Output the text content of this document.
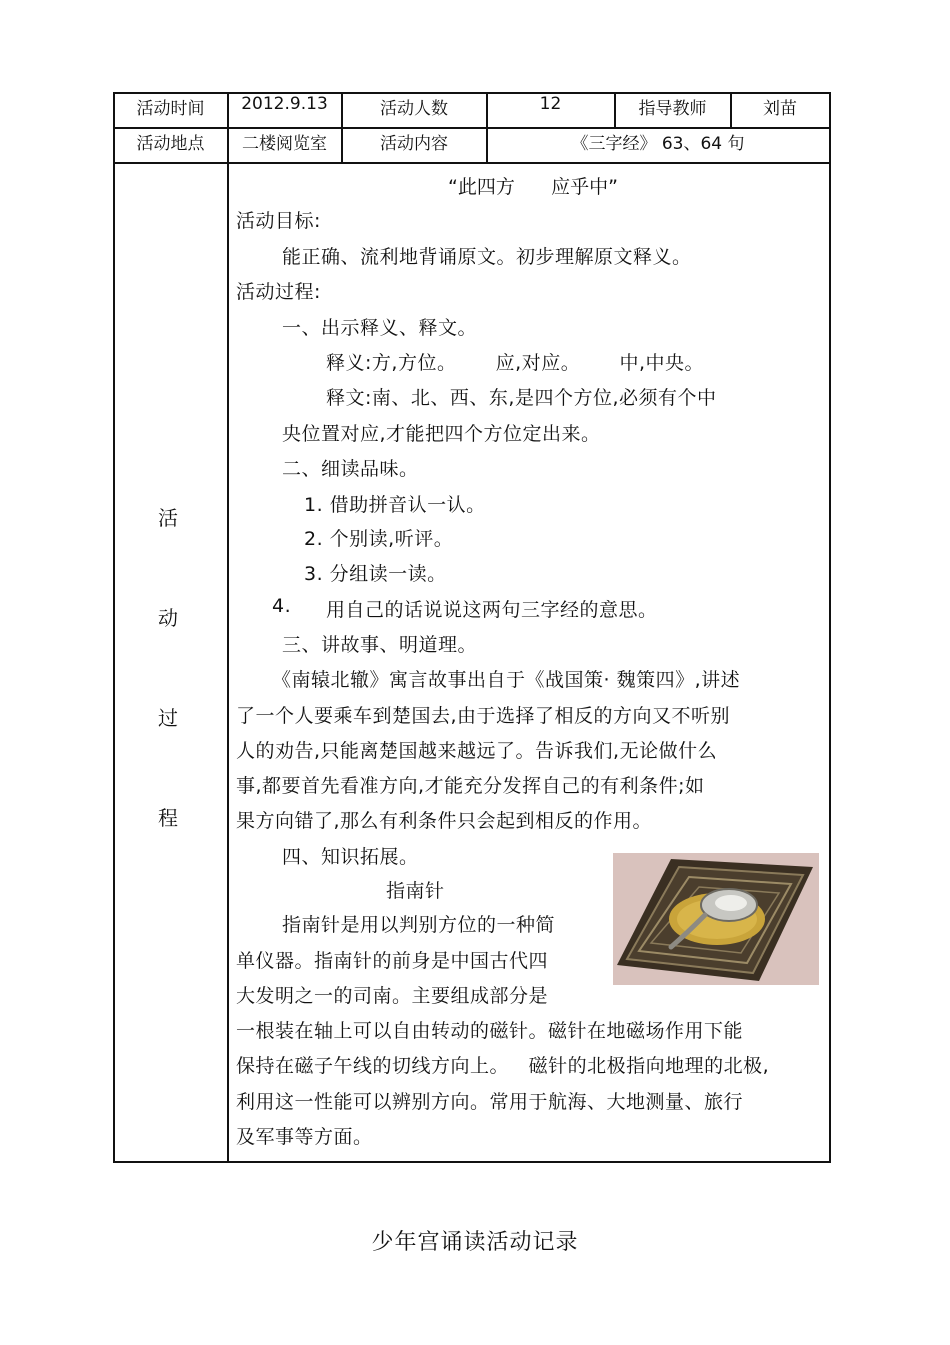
活动时间	2012.9.13	活动人数	12	指导教师	刘苗
活动地点	二楼阅览室	活动内容	《三字经》 63、64 句
活
动
过
程
“此四方      应乎中”
活动目标:
能正确、流利地背诵原文。初步理解原文释义。
活动过程:
一、出示释义、释文。
释义:方,方位。      应,对应。      中,中央。
释文:南、北、西、东,是四个方位,必须有个中
央位置对应,才能把四个方位定出来。
二、细读品味。
1. 借助拼音认一认。
2. 个别读,听评。
3. 分组读一读。
4. 用自己的话说说这两句三字经的意思。
三、讲故事、明道理。
《南辕北辙》寓言故事出自于《战国策· 魏策四》,讲述
了一个人要乘车到楚国去,由于选择了相反的方向又不听别
人的劝告,只能离楚国越来越远了。告诉我们,无论做什么
事,都要首先看准方向,才能充分发挥自己的有利条件;如
果方向错了,那么有利条件只会起到相反的作用。
四、知识拓展。
指南针
指南针是用以判别方位的一种简
单仪器。指南针的前身是中国古代四
大发明之一的司南。主要组成部分是
一根装在轴上可以自由转动的磁针。磁针在地磁场作用下能
保持在磁子午线的切线方向上。   磁针的北极指向地理的北极,
利用这一性能可以辨别方向。常用于航海、大地测量、旅行
及军事等方面。
少年宫诵读活动记录
